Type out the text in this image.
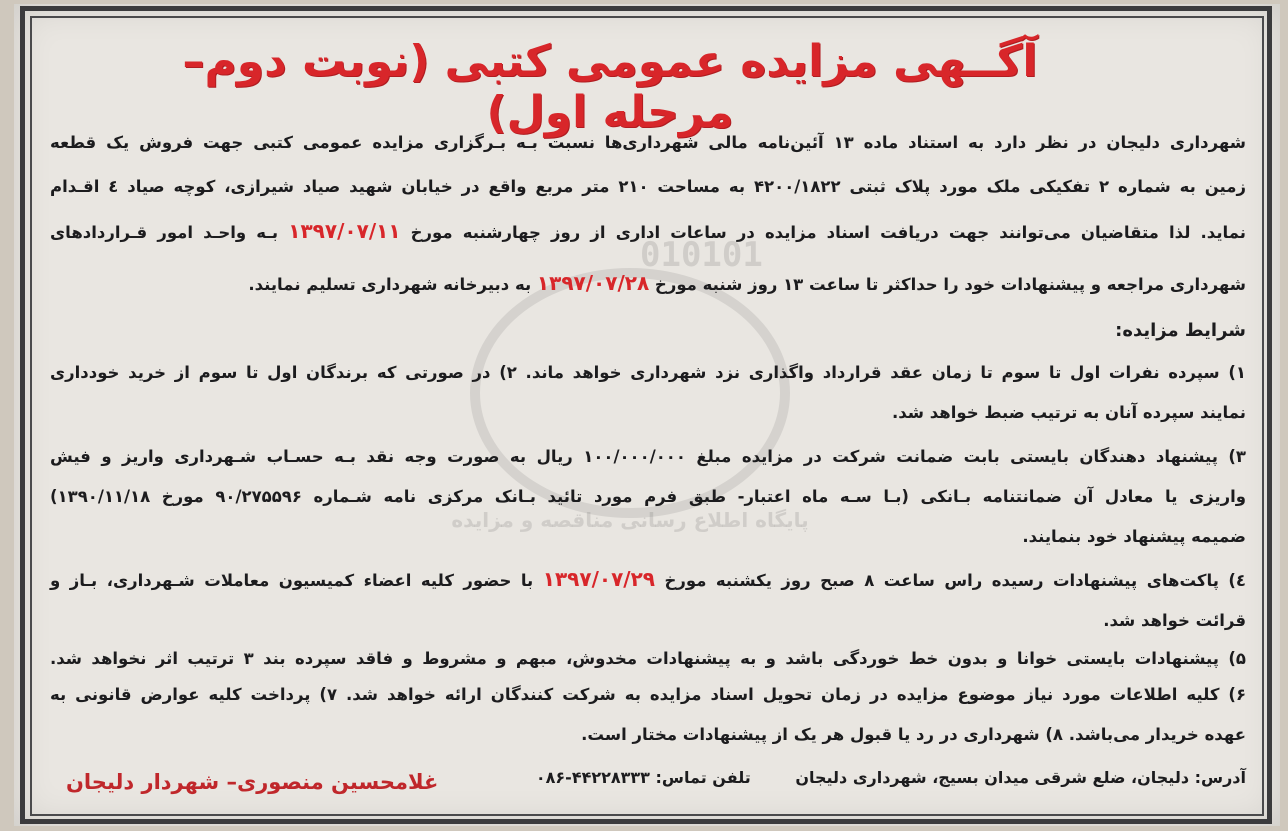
010101
پایگاه اطلاع رسانی مناقصه و مزایده
آگــهی مزایده عمومی کتبی (نوبت دوم– مرحله اول)
شهرداری دلیجان در نظر دارد به استناد ماده ۱۳ آئین‌نامه مالی شهرداری‌ها نسبت بـه بـرگزاری مزایده عمومی کتبی جهت فروش یک قطعه
زمین به شماره ۲ تفکیکی ملک مورد پلاک ثبتی ۴۲۰۰/۱۸۲۲ به مساحت ۲۱۰ متر مربع واقع در خیابان شهید صیاد شیرازی، کوچه صیاد ٤ اقـدام
نماید. لذا متقاضیان می‌توانند جهت دریافت اسناد مزایده در ساعات اداری از روز چهارشنبه مورخ ۱۳۹۷/۰۷/۱۱ بـه واحـد امور قـراردادهای
شهرداری مراجعه و پیشنهادات خود را حداکثر تا ساعت ۱۳ روز شنبه مورخ ۱۳۹۷/۰۷/۲۸ به دبیرخانه شهرداری تسلیم نمایند.
شرایط مزایده:
۱) سپرده نفرات اول تا سوم تا زمان عقد قرارداد واگذاری نزد شهرداری خواهد ماند. ۲) در صورتی که برندگان اول تا سوم از خرید خودداری
نمایند سپرده آنان به ترتیب ضبط خواهد شد.
۳) پیشنهاد دهندگان بایستی بابت ضمانت شرکت در مزایده مبلغ ۱۰۰/۰۰۰/۰۰۰ ریال به صورت وجه نقد بـه حسـاب شـهرداری واریز و فیش
واریزی یا معادل آن ضمانتنامه بـانکی (بـا سـه ماه اعتبار- طبق فرم مورد تائید بـانک مرکزی نامه شـماره ۹۰/۲۷۵۵۹۶ مورخ ۱۳۹۰/۱۱/۱۸)
ضمیمه پیشنهاد خود بنمایند.
٤) پاکت‌های پیشنهادات رسیده راس ساعت ۸ صبح روز یکشنبه مورخ ۱۳۹۷/۰۷/۲۹ با حضور کلیه اعضاء کمیسیون معاملات شـهرداری، بـاز و
قرائت خواهد شد.
۵) پیشنهادات بایستی خوانا و بدون خط خوردگی باشد و به پیشنهادات مخدوش، مبهم و مشروط و فاقد سپرده بند ۳ ترتیب اثر نخواهد شد.
۶) کلیه اطلاعات مورد نیاز موضوع مزایده در زمان تحویل اسناد مزایده به شرکت کنندگان ارائه خواهد شد. ۷) پرداخت کلیه عوارض قانونی به
عهده خریدار می‌باشد. ۸) شهرداری در رد یا قبول هر یک از پیشنهادات مختار است.
آدرس: دلیجان، ضلع شرقی میدان بسیج، شهرداری دلیجان        تلفن تماس: ۴۴۲۲۸۳۳۳-۰۸۶
غلامحسین منصوری– شهردار دلیجان
